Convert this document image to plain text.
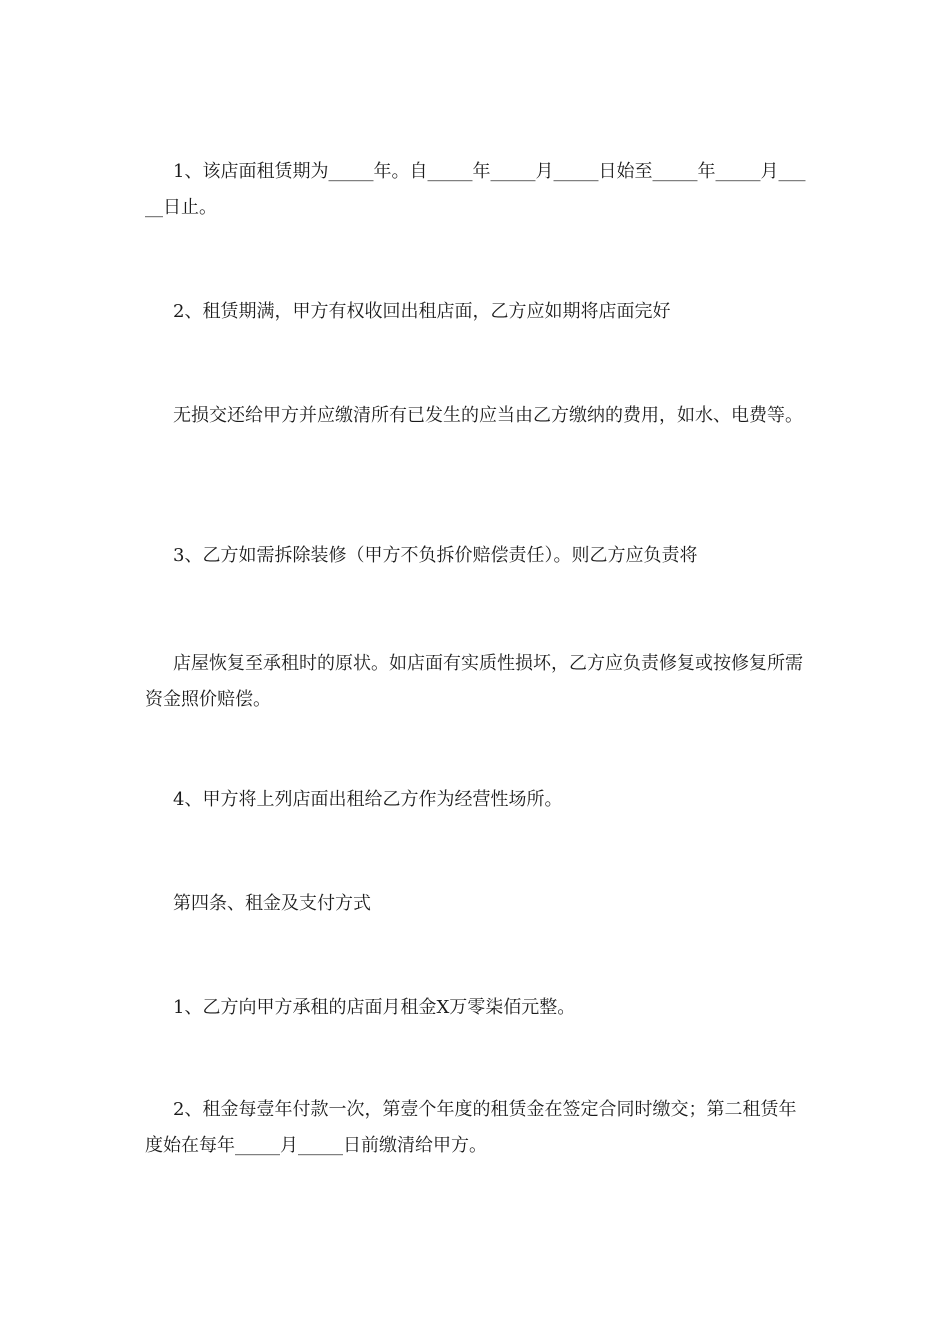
1、该店面租赁期为_____年。自_____年_____月_____日始至_____年_____月_____日止。

2、租赁期满，甲方有权收回出租店面，乙方应如期将店面完好

无损交还给甲方并应缴清所有已发生的应当由乙方缴纳的费用，如水、电费等。

3、乙方如需拆除装修（甲方不负拆价赔偿责任）。则乙方应负责将

店屋恢复至承租时的原状。如店面有实质性损坏，乙方应负责修复或按修复所需资金照价赔偿。

4、甲方将上列店面出租给乙方作为经营性场所。

第四条、租金及支付方式

1、乙方向甲方承租的店面月租金X万零柒佰元整。

2、租金每壹年付款一次，第壹个年度的租赁金在签定合同时缴交；第二租赁年度始在每年_____月_____日前缴清给甲方。
